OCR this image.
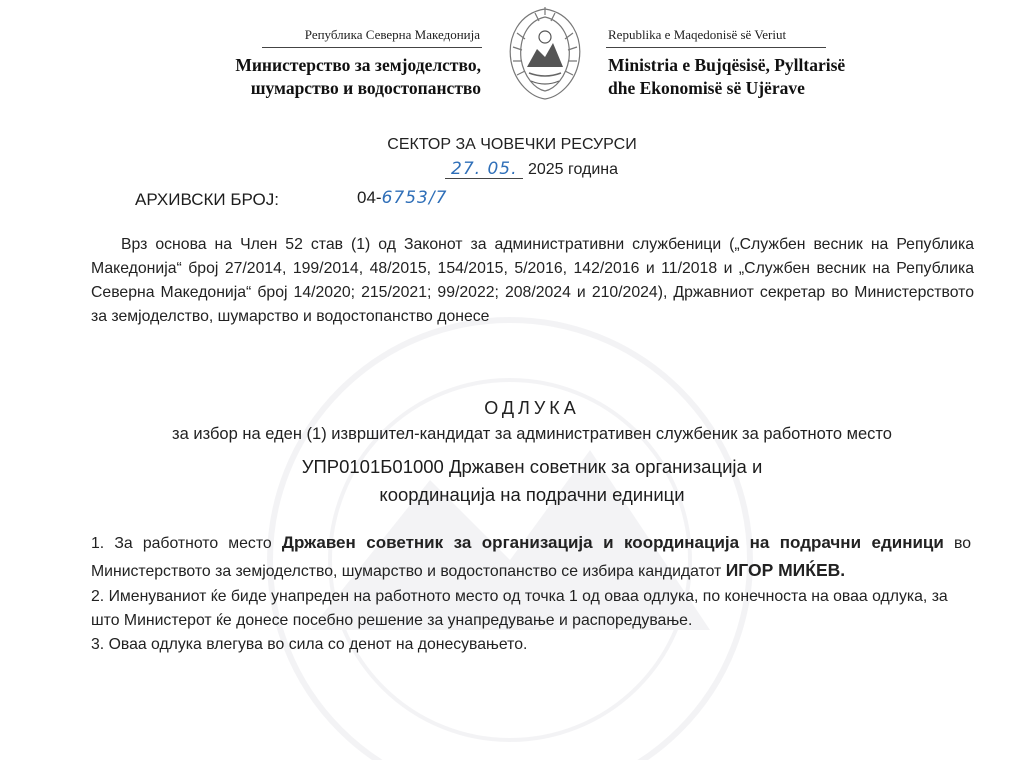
Република Северна Македонија
Министерство за земјоделство,
шумарство и водостопанство
Republika e Maqedonisë së Veriut
Ministria e Bujqësisë, Pylltarisë
dhe Ekonomisë së Ujërave
СЕКТОР ЗА ЧОВЕЧКИ РЕСУРСИ
27. 05. 2025 година
АРХИВСКИ БРОЈ:	04-6753/7
Врз основа на Член 52 став (1) од Законот за административни службеници („Службен весник на Република Македонија“ број 27/2014, 199/2014, 48/2015, 154/2015, 5/2016, 142/2016 и 11/2018 и „Службен весник на Република Северна Македонија“ број 14/2020; 215/2021; 99/2022; 208/2024 и 210/2024), Државниот секретар во Министерството за земјоделство, шумарство и водостопанство донесе
ОДЛУКА
за избор на еден (1) извршител-кандидат за административен службеник за работното место
УПР0101Б01000 Државен советник за организација и координација на подрачни единици
1. За работното место Државен советник за организација и координација на подрачни единици во Министерството за земјоделство, шумарство и водостопанство се избира кандидатот ИГОР МИЌЕВ.
2. Именуваниот ќе биде унапреден на работното место од точка 1 од оваа одлука, по конечноста на оваа одлука, за што Министерот ќе донесе посебно решение за унапредување и распоредување.
3. Оваа одлука влегува во сила со денот на донесувањето.
